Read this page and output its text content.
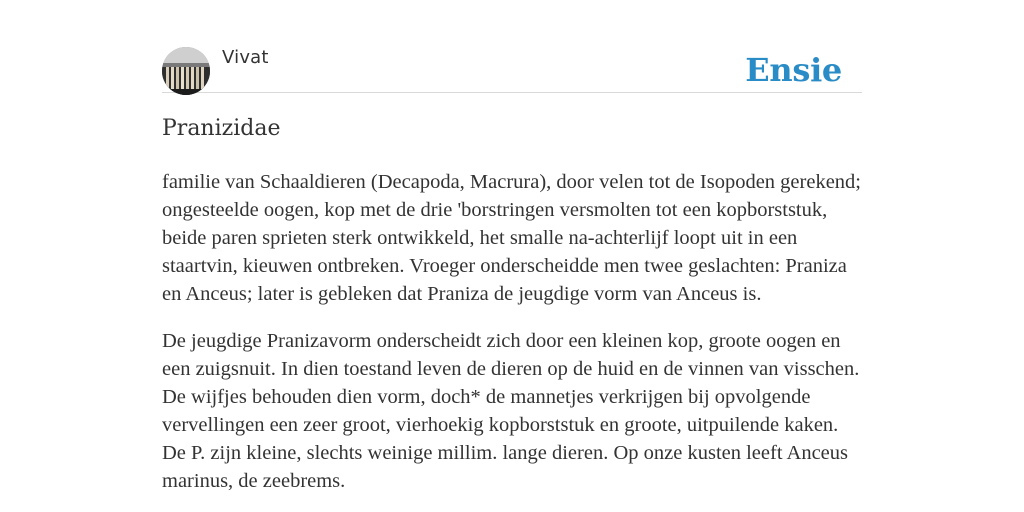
Vivat	Ensie
Pranizidae

familie van Schaaldieren (Decapoda, Macrura), door velen tot de Isopoden gerekend; ongesteelde oogen, kop met de drie 'borstringen versmolten tot een kopborststuk, beide paren sprieten sterk ontwikkeld, het smalle na-achterlijf loopt uit in een staartvin, kieuwen ontbreken. Vroeger onderscheidde men twee geslachten: Praniza en Anceus; later is gebleken dat Praniza de jeugdige vorm van Anceus is.

De jeugdige Pranizavorm onderscheidt zich door een kleinen kop, groote oogen en een zuigsnuit. In dien toestand leven de dieren op de huid en de vinnen van visschen. De wijfjes behouden dien vorm, doch* de mannetjes verkrijgen bij opvolgende vervellingen een zeer groot, vierhoekig kopborststuk en groote, uitpuilende kaken. De P. zijn kleine, slechts weinige millim. lange dieren. Op onze kusten leeft Anceus marinus, de zeebrems.
